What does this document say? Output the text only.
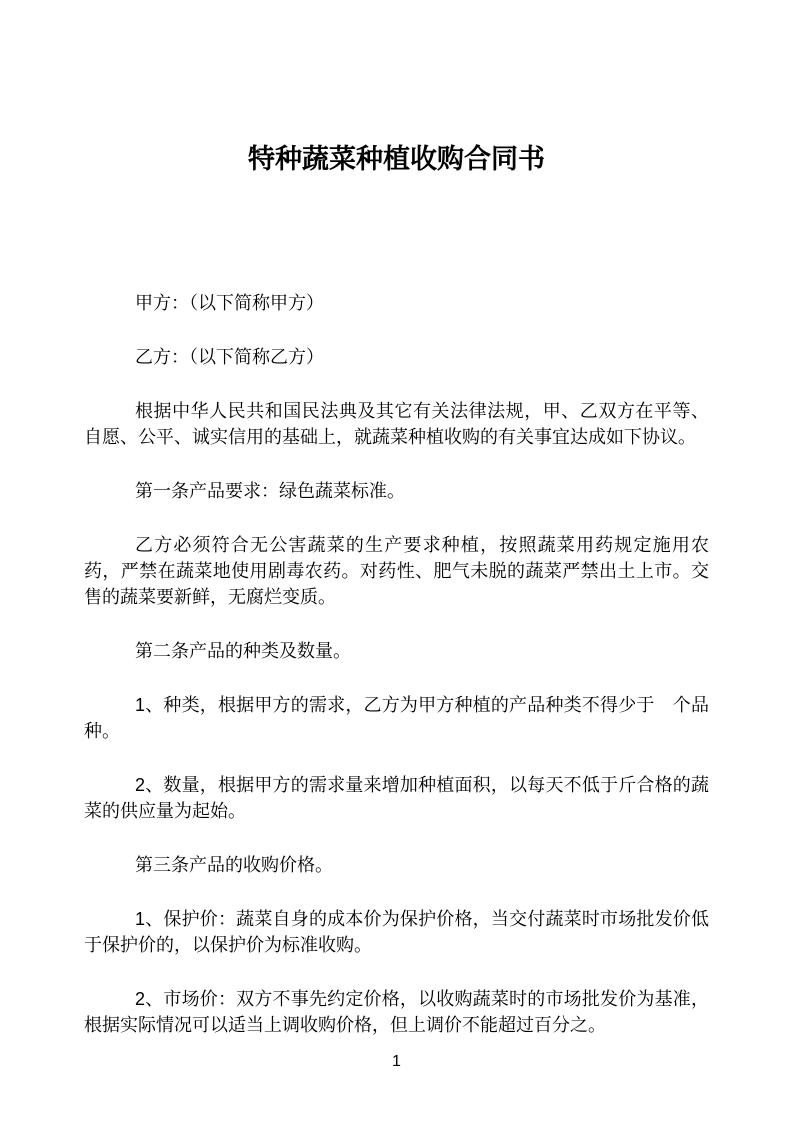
特种蔬菜种植收购合同书

甲方：（以下简称甲方）

乙方：（以下简称乙方）

根据中华人民共和国民法典及其它有关法律法规，甲、乙双方在平等、自愿、公平、诚实信用的基础上，就蔬菜种植收购的有关事宜达成如下协议。

第一条产品要求：绿色蔬菜标准。

乙方必须符合无公害蔬菜的生产要求种植，按照蔬菜用药规定施用农药，严禁在蔬菜地使用剧毒农药。对药性、肥气未脱的蔬菜严禁出土上市。交售的蔬菜要新鲜，无腐烂变质。

第二条产品的种类及数量。

1、种类，根据甲方的需求，乙方为甲方种植的产品种类不得少于　个品种。

2、数量，根据甲方的需求量来增加种植面积，以每天不低于斤合格的蔬菜的供应量为起始。

第三条产品的收购价格。

1、保护价：蔬菜自身的成本价为保护价格，当交付蔬菜时市场批发价低于保护价的，以保护价为标准收购。

2、市场价：双方不事先约定价格，以收购蔬菜时的市场批发价为基准，根据实际情况可以适当上调收购价格，但上调价不能超过百分之。

1
